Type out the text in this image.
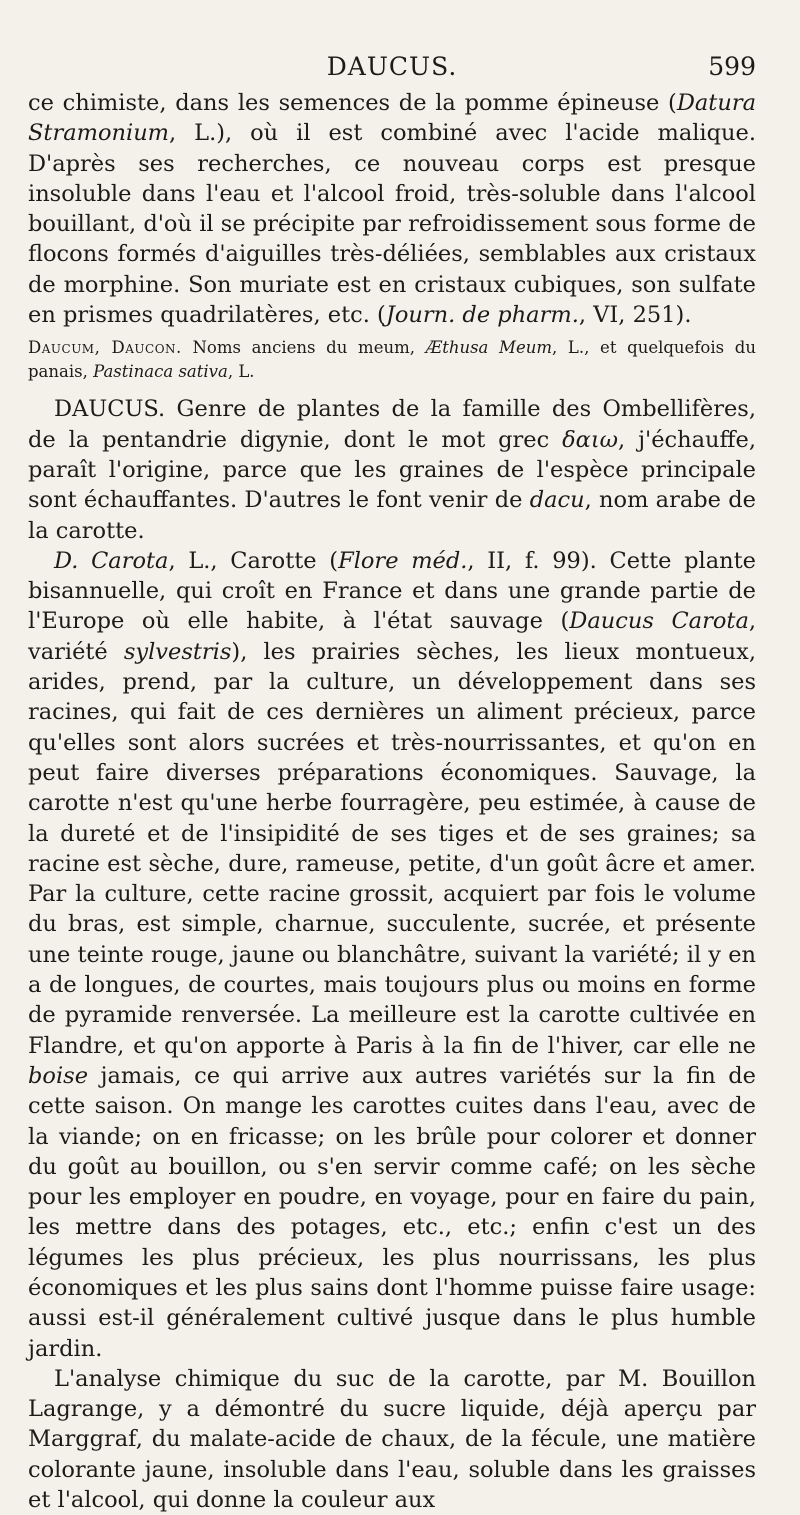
DAUCUS.	599

ce chimiste, dans les semences de la pomme épineuse (Datura Stramonium, L.), où il est combiné avec l'acide malique. D'après ses recherches, ce nouveau corps est presque insoluble dans l'eau et l'alcool froid, très-soluble dans l'alcool bouillant, d'où il se précipite par refroidissement sous forme de flocons formés d'aiguilles très-déliées, semblables aux cristaux de morphine. Son muriate est en cristaux cubiques, son sulfate en prismes quadrilatères, etc. (Journ. de pharm., VI, 251).

Daucum, Daucon. Noms anciens du meum, Æthusa Meum, L., et quelquefois du panais, Pastinaca sativa, L.

DAUCUS. Genre de plantes de la famille des Ombellifères, de la pentandrie digynie, dont le mot grec δαιω, j'échauffe, paraît l'origine, parce que les graines de l'espèce principale sont échauffantes. D'autres le font venir de dacu, nom arabe de la carotte.

D. Carota, L., Carotte (Flore méd., II, f. 99). Cette plante bisannuelle, qui croît en France et dans une grande partie de l'Europe où elle habite, à l'état sauvage (Daucus Carota, variété sylvestris), les prairies sèches, les lieux montueux, arides, prend, par la culture, un développement dans ses racines, qui fait de ces dernières un aliment précieux, parce qu'elles sont alors sucrées et très-nourrissantes, et qu'on en peut faire diverses préparations économiques. Sauvage, la carotte n'est qu'une herbe fourragère, peu estimée, à cause de la dureté et de l'insipidité de ses tiges et de ses graines; sa racine est sèche, dure, rameuse, petite, d'un goût âcre et amer. Par la culture, cette racine grossit, acquiert par fois le volume du bras, est simple, charnue, succulente, sucrée, et présente une teinte rouge, jaune ou blanchâtre, suivant la variété; il y en a de longues, de courtes, mais toujours plus ou moins en forme de pyramide renversée. La meilleure est la carotte cultivée en Flandre, et qu'on apporte à Paris à la fin de l'hiver, car elle ne boise jamais, ce qui arrive aux autres variétés sur la fin de cette saison. On mange les carottes cuites dans l'eau, avec de la viande; on en fricasse; on les brûle pour colorer et donner du goût au bouillon, ou s'en servir comme café; on les sèche pour les employer en poudre, en voyage, pour en faire du pain, les mettre dans des potages, etc., etc.; enfin c'est un des légumes les plus précieux, les plus nourrissans, les plus économiques et les plus sains dont l'homme puisse faire usage: aussi est-il généralement cultivé jusque dans le plus humble jardin.

L'analyse chimique du suc de la carotte, par M. Bouillon Lagrange, y a démontré du sucre liquide, déjà aperçu par Marggraf, du malate-acide de chaux, de la fécule, une matière colorante jaune, insoluble dans l'eau, soluble dans les graisses et l'alcool, qui donne la couleur aux
